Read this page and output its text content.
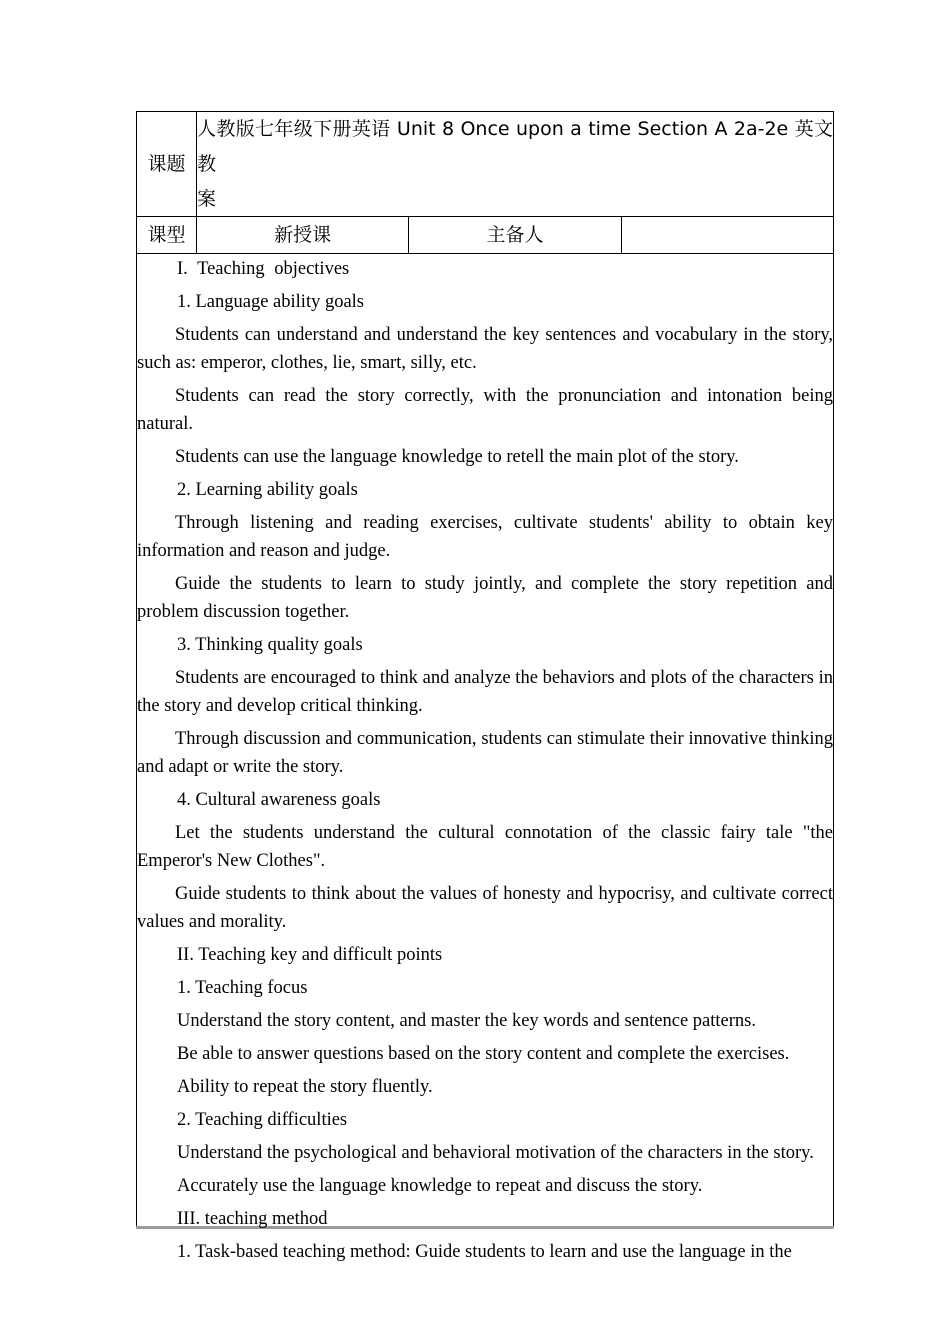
课题	人教版七年级下册英语 Unit 8 Once upon a time Section A 2a-2e 英文教
案		

课型	新授课	主备人	

I. Teaching objectives

1. Language ability goals

Students can understand and understand the key sentences and vocabulary in the story, such as: emperor, clothes, lie, smart, silly, etc.

Students can read the story correctly, with the pronunciation and intonation being natural.

Students can use the language knowledge to retell the main plot of the story.

2. Learning ability goals

Through listening and reading exercises, cultivate students' ability to obtain key information and reason and judge.

Guide the students to learn to study jointly, and complete the story repetition and problem discussion together.

3. Thinking quality goals

Students are encouraged to think and analyze the behaviors and plots of the characters in the story and develop critical thinking.

Through discussion and communication, students can stimulate their innovative thinking and adapt or write the story.

4. Cultural awareness goals

Let the students understand the cultural connotation of the classic fairy tale "the Emperor's New Clothes".

Guide students to think about the values of honesty and hypocrisy, and cultivate correct values and morality.

II. Teaching key and difficult points

1. Teaching focus

Understand the story content, and master the key words and sentence patterns.

Be able to answer questions based on the story content and complete the exercises.

Ability to repeat the story fluently.

2. Teaching difficulties

Understand the psychological and behavioral motivation of the characters in the story.

Accurately use the language knowledge to repeat and discuss the story.

III. teaching method

1. Task-based teaching method: Guide students to learn and use the language in the
